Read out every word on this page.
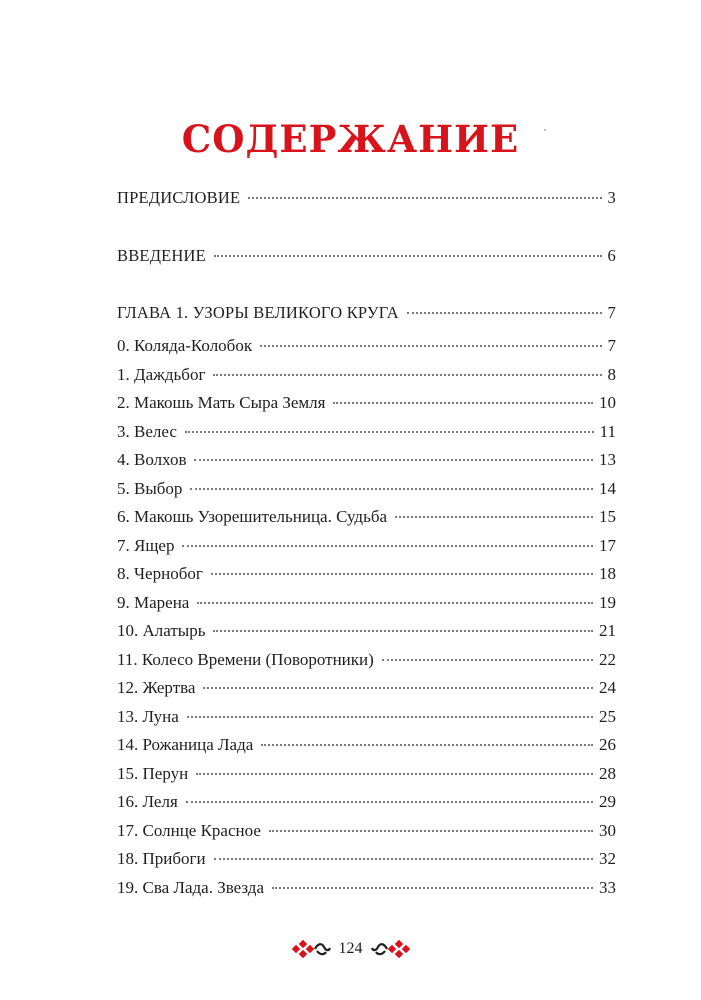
СОДЕРЖАНИЕ
ПРЕДИСЛОВИЕ	3
ВВЕДЕНИЕ	6
ГЛАВА 1. УЗОРЫ ВЕЛИКОГО КРУГА	7
0. Коляда-Колобок	7
1. Даждьбог	8
2. Макошь Мать Сыра Земля	10
3. Велес	11
4. Волхов	13
5. Выбор	14
6. Макошь Узорешительница. Судьба	15
7. Ящер	17
8. Чернобог	18
9. Марена	19
10. Алатырь	21
11. Колесо Времени (Поворотники)	22
12. Жертва	24
13. Луна	25
14. Рожаница Лада	26
15. Перун	28
16. Леля	29
17. Солнце Красное	30
18. Прибоги	32
19. Сва Лада. Звезда	33
124
